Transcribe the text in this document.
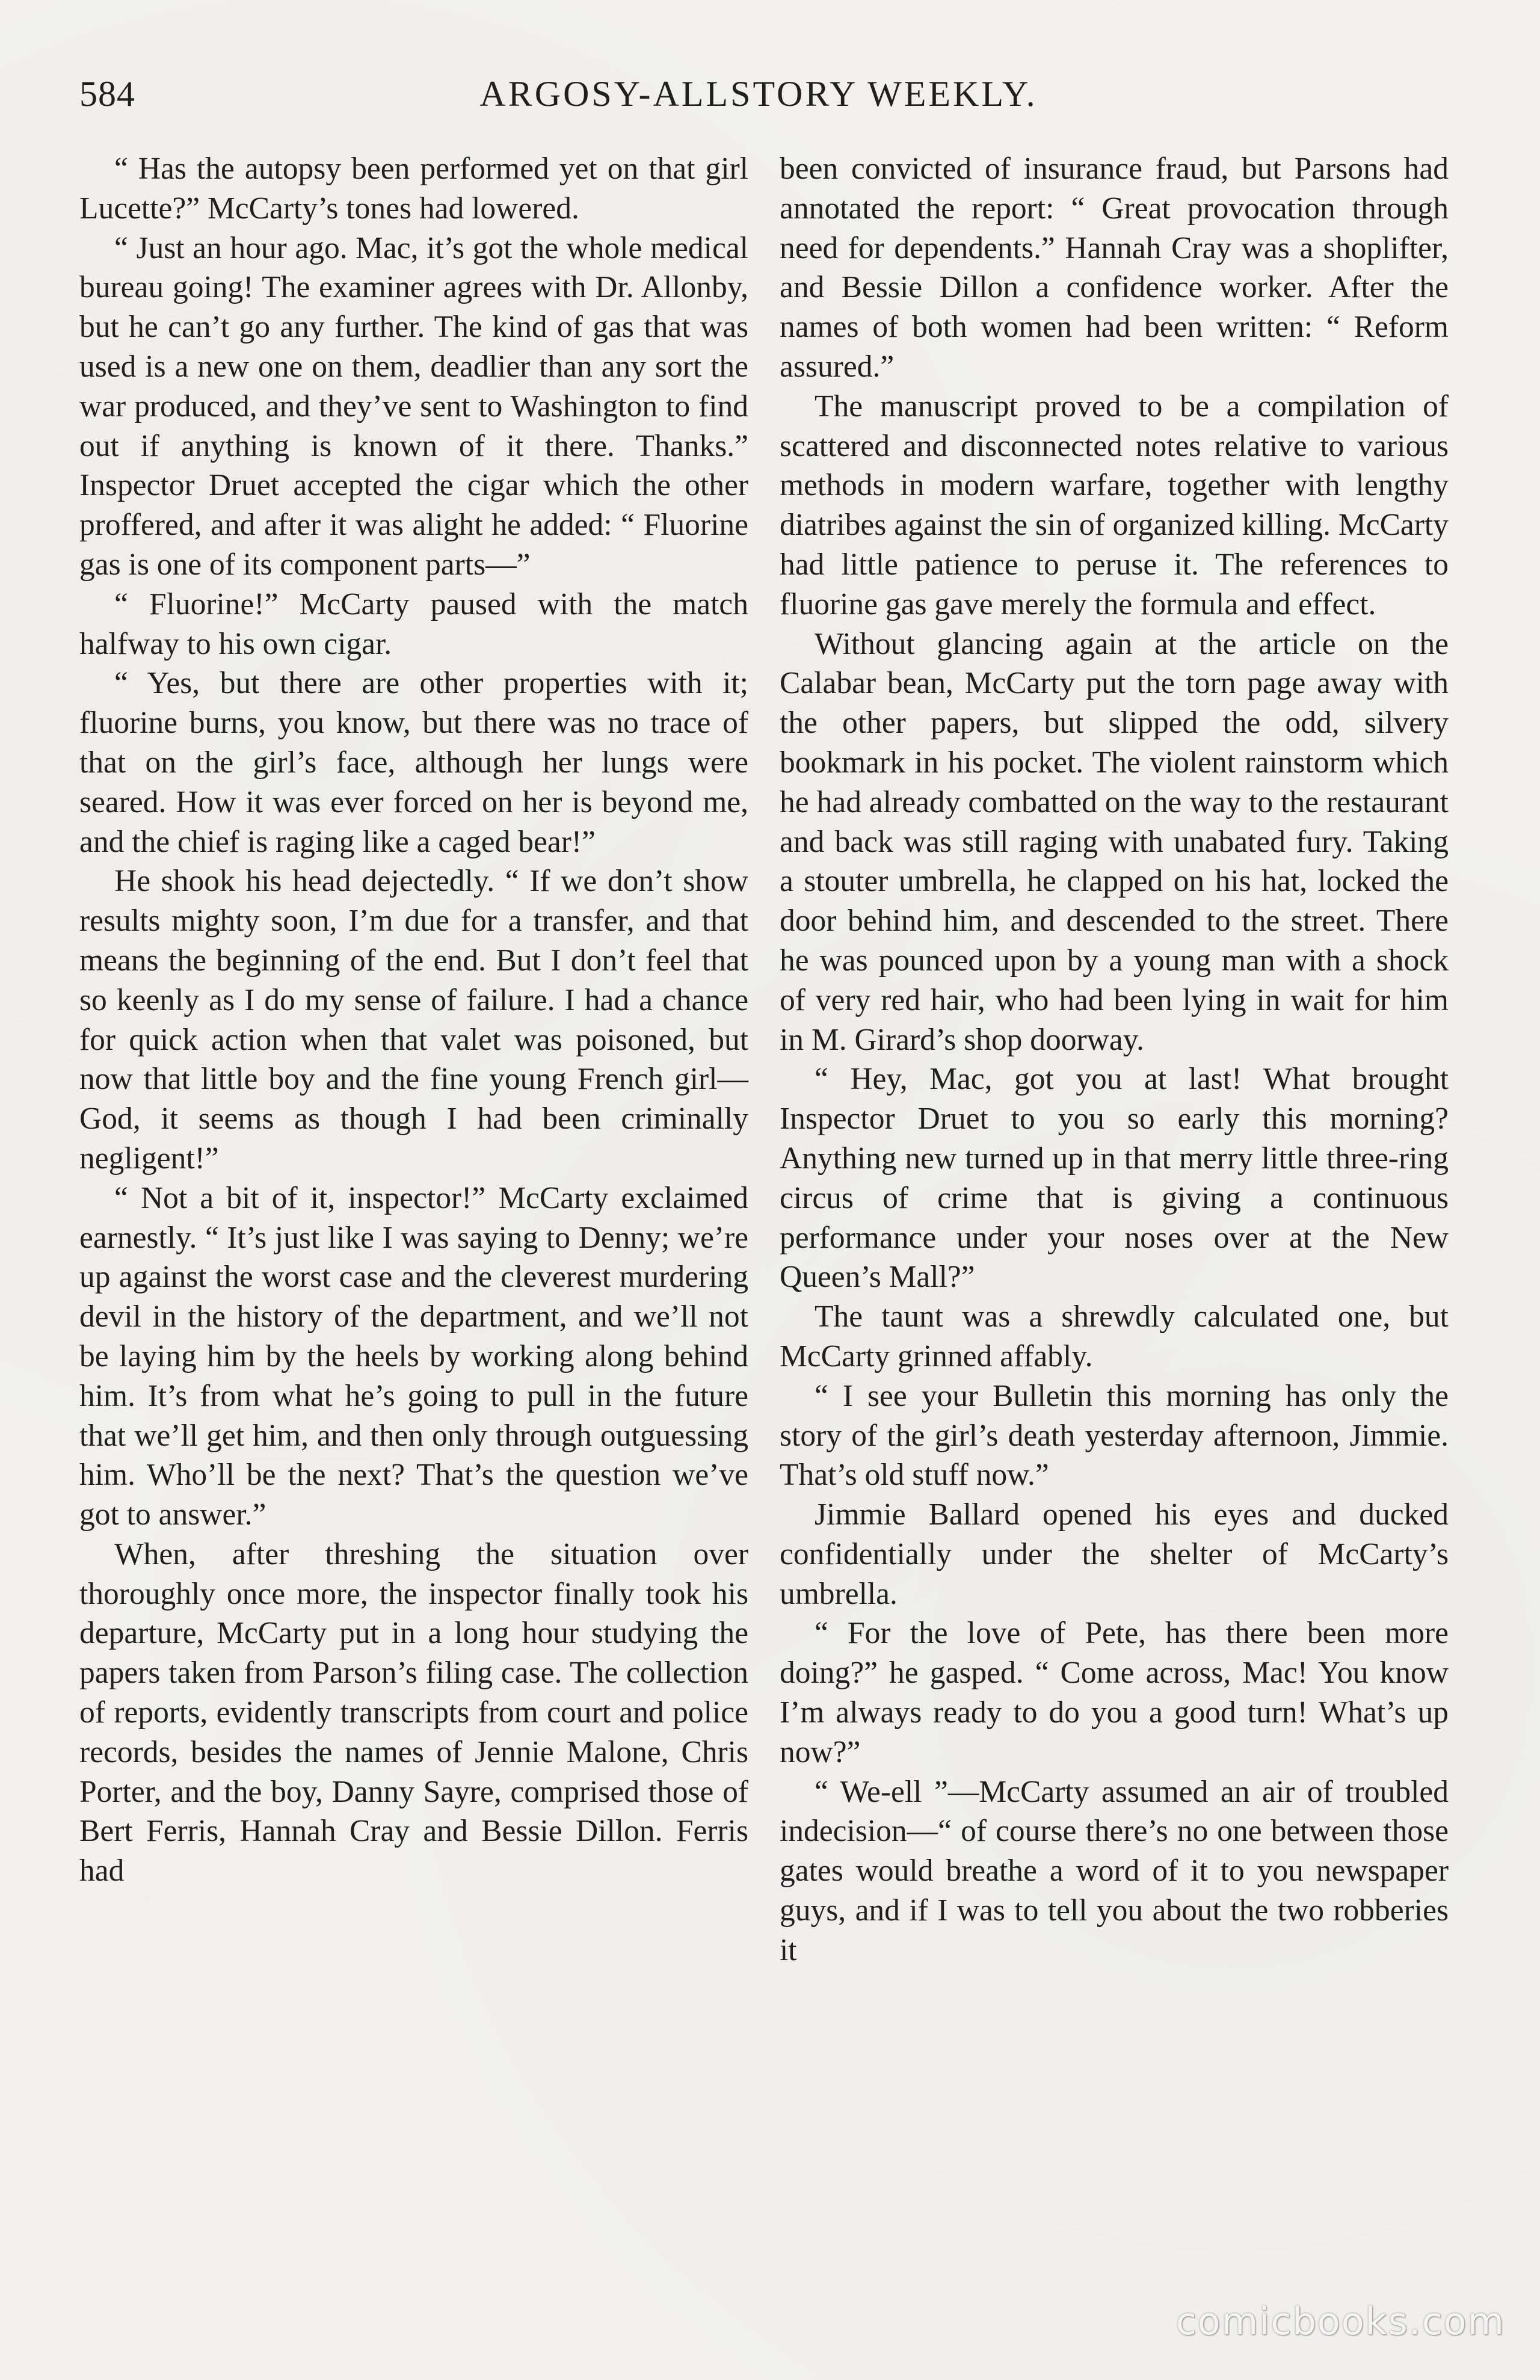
584	ARGOSY-ALLSTORY WEEKLY.

“ Has the autopsy been performed yet on that girl Lucette?” McCarty’s tones had lowered.

“ Just an hour ago. Mac, it’s got the whole medical bureau going! The examiner agrees with Dr. Allonby, but he can’t go any further. The kind of gas that was used is a new one on them, deadlier than any sort the war produced, and they’ve sent to Washington to find out if anything is known of it there. Thanks.” Inspector Druet accepted the cigar which the other proffered, and after it was alight he added: “ Fluorine gas is one of its component parts—”

“ Fluorine!” McCarty paused with the match halfway to his own cigar.

“ Yes, but there are other properties with it; fluorine burns, you know, but there was no trace of that on the girl’s face, although her lungs were seared. How it was ever forced on her is beyond me, and the chief is raging like a caged bear!”

He shook his head dejectedly. “ If we don’t show results mighty soon, I’m due for a transfer, and that means the beginning of the end. But I don’t feel that so keenly as I do my sense of failure. I had a chance for quick action when that valet was poisoned, but now that little boy and the fine young French girl— God, it seems as though I had been criminally negligent!”

“ Not a bit of it, inspector!” McCarty exclaimed earnestly. “ It’s just like I was saying to Denny; we’re up against the worst case and the cleverest murdering devil in the history of the department, and we’ll not be laying him by the heels by working along behind him. It’s from what he’s going to pull in the future that we’ll get him, and then only through outguessing him. Who’ll be the next? That’s the question we’ve got to answer.”

When, after threshing the situation over thoroughly once more, the inspector finally took his departure, McCarty put in a long hour studying the papers taken from Parson’s filing case. The collection of reports, evidently transcripts from court and police records, besides the names of Jennie Malone, Chris Porter, and the boy, Danny Sayre, comprised those of Bert Ferris, Hannah Cray and Bessie Dillon. Ferris had

been convicted of insurance fraud, but Parsons had annotated the report: “ Great provocation through need for dependents.” Hannah Cray was a shoplifter, and Bessie Dillon a confidence worker. After the names of both women had been written: “ Reform assured.”

The manuscript proved to be a compilation of scattered and disconnected notes relative to various methods in modern warfare, together with lengthy diatribes against the sin of organized killing. McCarty had little patience to peruse it. The references to fluorine gas gave merely the formula and effect.

Without glancing again at the article on the Calabar bean, McCarty put the torn page away with the other papers, but slipped the odd, silvery bookmark in his pocket. The violent rainstorm which he had already combatted on the way to the restaurant and back was still raging with unabated fury. Taking a stouter umbrella, he clapped on his hat, locked the door behind him, and descended to the street. There he was pounced upon by a young man with a shock of very red hair, who had been lying in wait for him in M. Girard’s shop doorway.

“ Hey, Mac, got you at last! What brought Inspector Druet to you so early this morning? Anything new turned up in that merry little three-ring circus of crime that is giving a continuous performance under your noses over at the New Queen’s Mall?”

The taunt was a shrewdly calculated one, but McCarty grinned affably.

“ I see your Bulletin this morning has only the story of the girl’s death yesterday afternoon, Jimmie. That’s old stuff now.”

Jimmie Ballard opened his eyes and ducked confidentially under the shelter of McCarty’s umbrella.

“ For the love of Pete, has there been more doing?” he gasped. “ Come across, Mac! You know I’m always ready to do you a good turn! What’s up now?”

“ We-ell ”—McCarty assumed an air of troubled indecision—“ of course there’s no one between those gates would breathe a word of it to you newspaper guys, and if I was to tell you about the two robberies it

comicbooks.com
